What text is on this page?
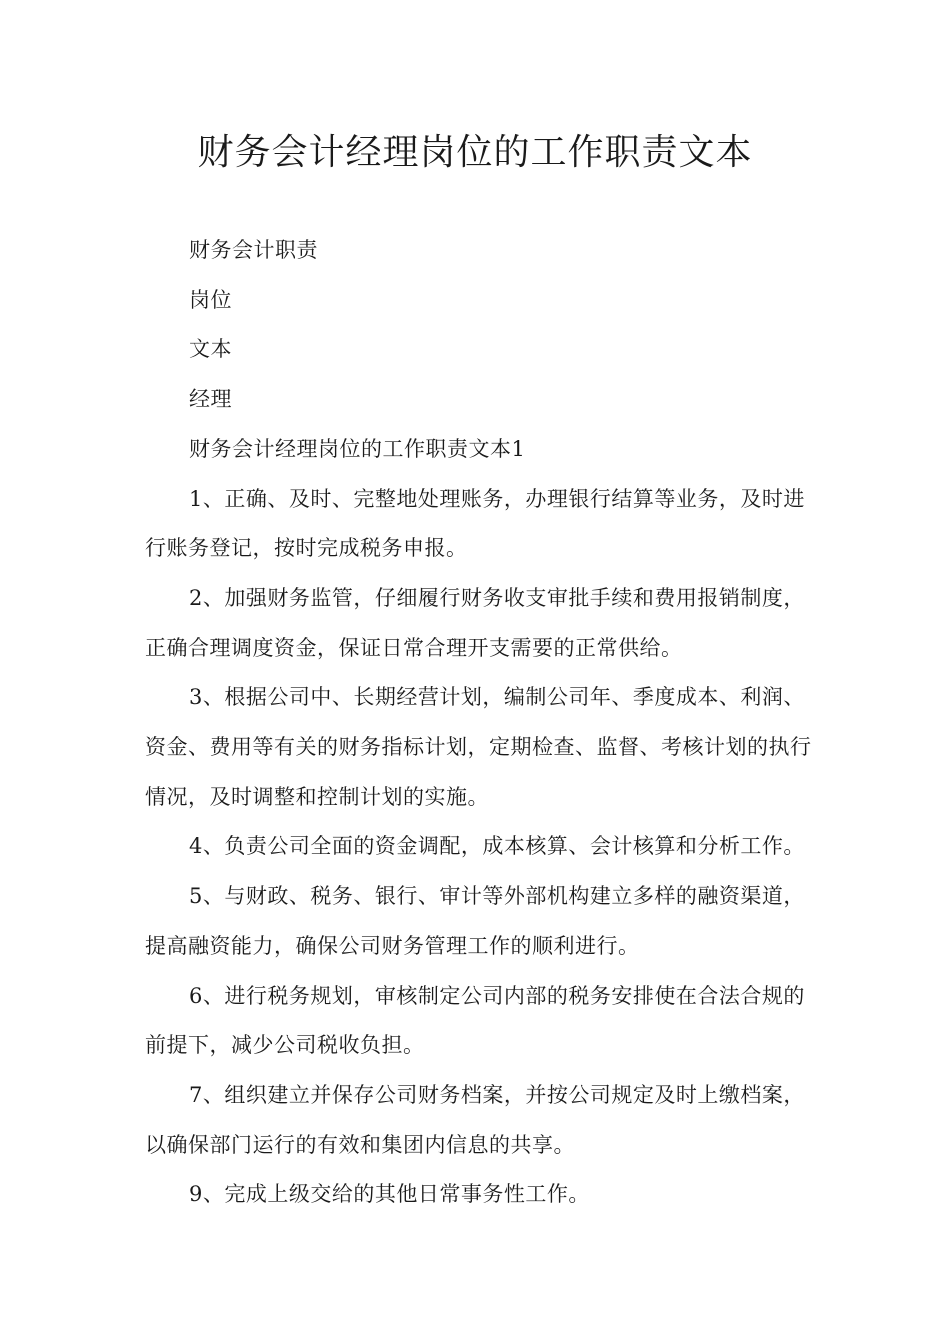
财务会计经理岗位的工作职责文本

财务会计职责

岗位

文本

经理

财务会计经理岗位的工作职责文本1

1、正确、及时、完整地处理账务，办理银行结算等业务，及时进行账务登记，按时完成税务申报。

2、加强财务监管，仔细履行财务收支审批手续和费用报销制度，正确合理调度资金，保证日常合理开支需要的正常供给。

3、根据公司中、长期经营计划，编制公司年、季度成本、利润、资金、费用等有关的财务指标计划，定期检查、监督、考核计划的执行情况，及时调整和控制计划的实施。

4、负责公司全面的资金调配，成本核算、会计核算和分析工作。

5、与财政、税务、银行、审计等外部机构建立多样的融资渠道，提高融资能力，确保公司财务管理工作的顺利进行。

6、进行税务规划，审核制定公司内部的税务安排使在合法合规的前提下，减少公司税收负担。

7、组织建立并保存公司财务档案，并按公司规定及时上缴档案，以确保部门运行的有效和集团内信息的共享。

9、完成上级交给的其他日常事务性工作。
